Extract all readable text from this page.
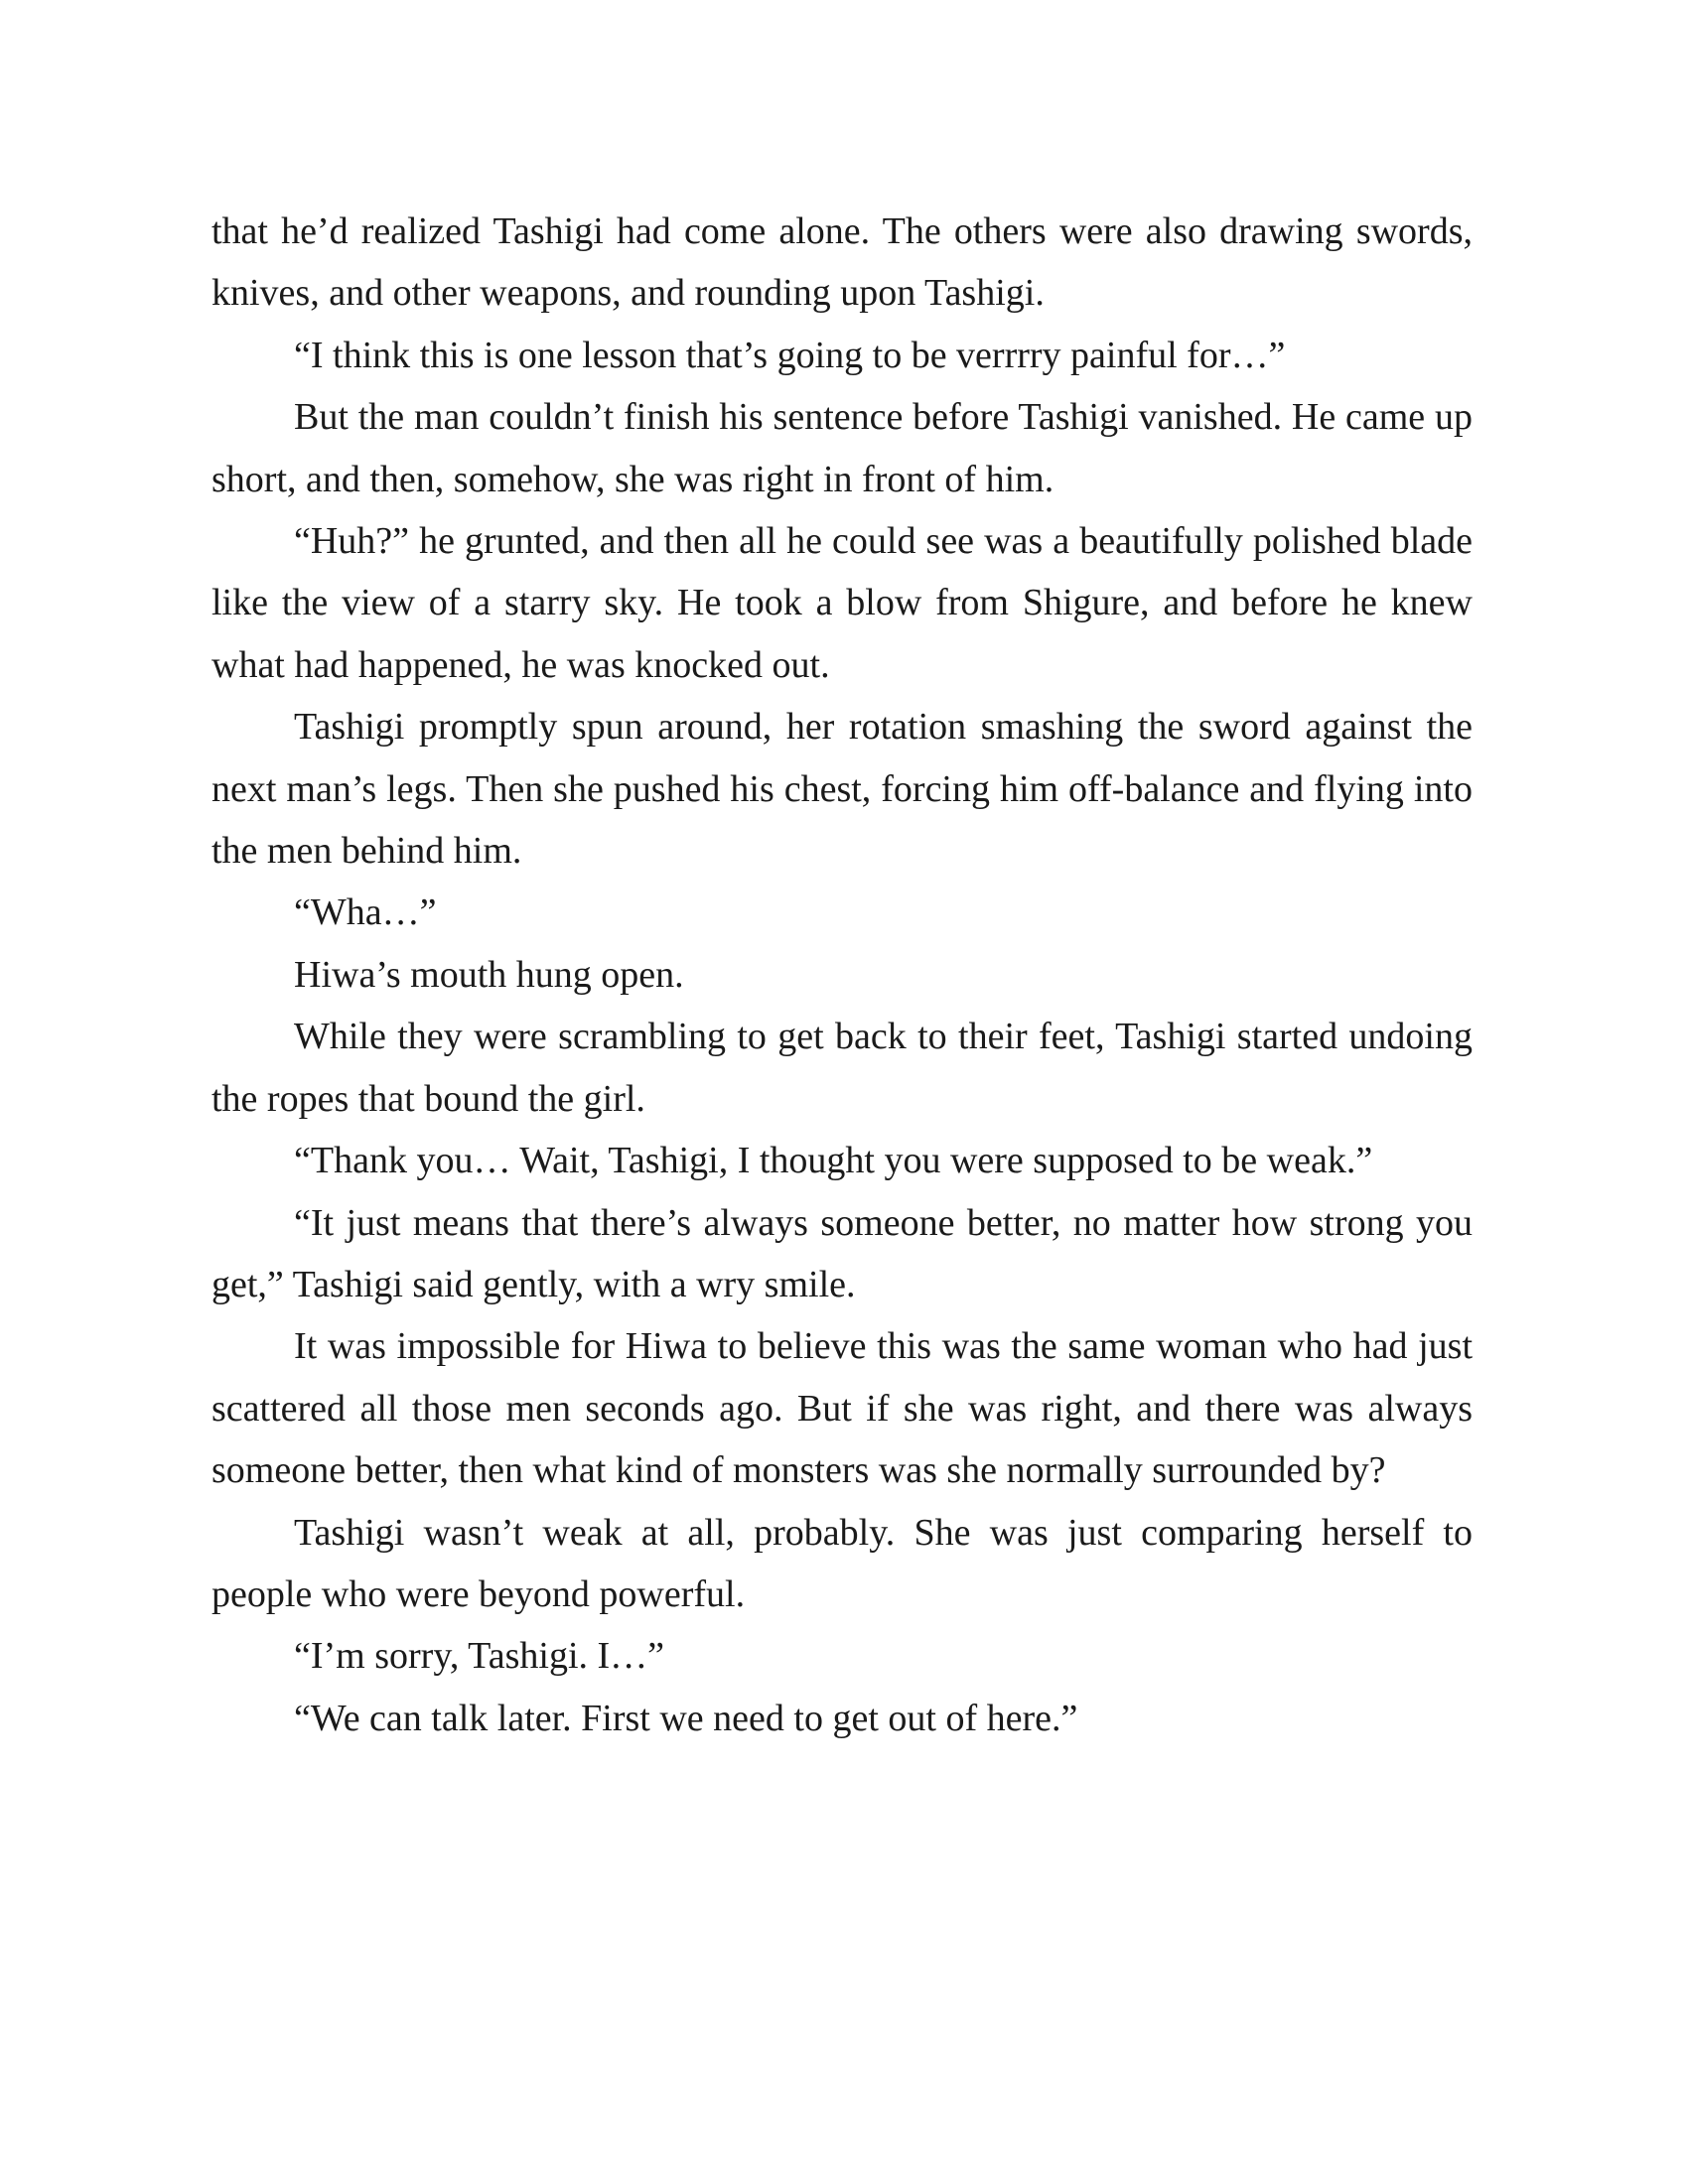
that he’d realized Tashigi had come alone. The others were also drawing swords, knives, and other weapons, and rounding upon Tashigi.

“I think this is one lesson that’s going to be verrrry painful for…”

But the man couldn’t finish his sentence before Tashigi vanished. He came up short, and then, somehow, she was right in front of him.

“Huh?” he grunted, and then all he could see was a beautifully polished blade like the view of a starry sky. He took a blow from Shigure, and before he knew what had happened, he was knocked out.

Tashigi promptly spun around, her rotation smashing the sword against the next man’s legs. Then she pushed his chest, forcing him off-balance and flying into the men behind him.

“Wha…”

Hiwa’s mouth hung open.

While they were scrambling to get back to their feet, Tashigi started undoing the ropes that bound the girl.

“Thank you… Wait, Tashigi, I thought you were supposed to be weak.”

“It just means that there’s always someone better, no matter how strong you get,” Tashigi said gently, with a wry smile.

It was impossible for Hiwa to believe this was the same woman who had just scattered all those men seconds ago. But if she was right, and there was always someone better, then what kind of monsters was she normally surrounded by?

Tashigi wasn’t weak at all, probably. She was just comparing herself to people who were beyond powerful.

“I’m sorry, Tashigi. I…”

“We can talk later. First we need to get out of here.”
